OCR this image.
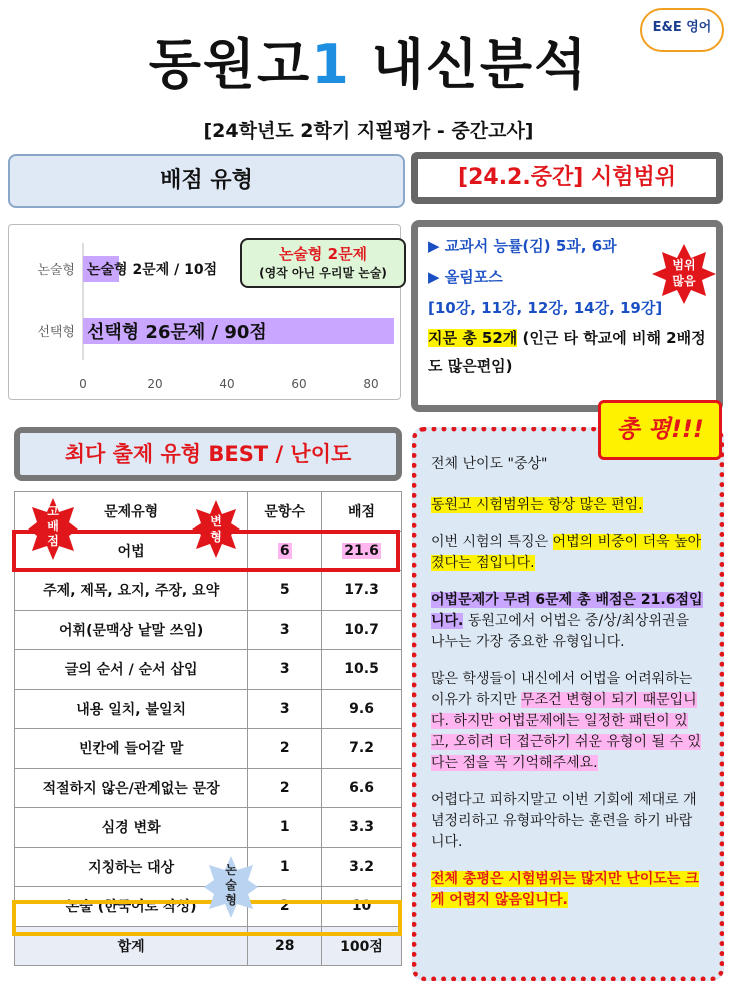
동원고1 내신분석
E&E 영어
[24학년도 2학기 지필평가 - 중간고사]
배점 유형	[24.2.중간] 시험범위
논술형 논술형 2문제 / 10점
선택형 선택형 26문제 / 90점
0	20	40	60	80
논술형 2문제
(영작 아닌 우리말 논술)
▶ 교과서 능률(김) 5과, 6과
▶ 올림포스
[10강, 11강, 12강, 14강, 19강]
지문 총 52개 (인근 타 학교에 비해 2배정도 많은편임)
범위
많음
최다 출제 유형 BEST / 난이도
문제유형	문항수	배점
어법	6	21.6
주제, 제목, 요지, 주장, 요약	5	17.3
어휘(문맥상 낱말 쓰임)	3	10.7
글의 순서 / 순서 삽입	3	10.5
내용 일치, 불일치	3	9.6
빈칸에 들어갈 말	2	7.2
적절하지 않은/관계없는 문장	2	6.6
심경 변화	1	3.3
지칭하는 대상	1	3.2
논술 (한국어로 작성)	2	10
합계	28	100점
고
배
점
변
형
논
술
형

전체 난이도 "중상"

동원고 시험범위는 항상 많은 편임.

이번 시험의 특징은 어법의 비중이 더욱 높아졌다는 점입니다.

어법문제가 무려 6문제 총 배점은 21.6점입니다. 동원고에서 어법은 중/상/최상위권을 나누는 가장 중요한 유형입니다.

많은 학생들이 내신에서 어법을 어려워하는 이유가 하지만 무조건 변형이 되기 때문입니다. 하지만 어법문제에는 일정한 패턴이 있고, 오히려 더 접근하기 쉬운 유형이 될 수 있다는 점을 꼭 기억해주세요.

어렵다고 피하지말고 이번 기회에 제대로 개념정리하고 유형파악하는 훈련을 하기 바랍니다.

전체 총평은 시험범위는 많지만 난이도는 크게 어렵지 않음입니다.

총 평!!!
